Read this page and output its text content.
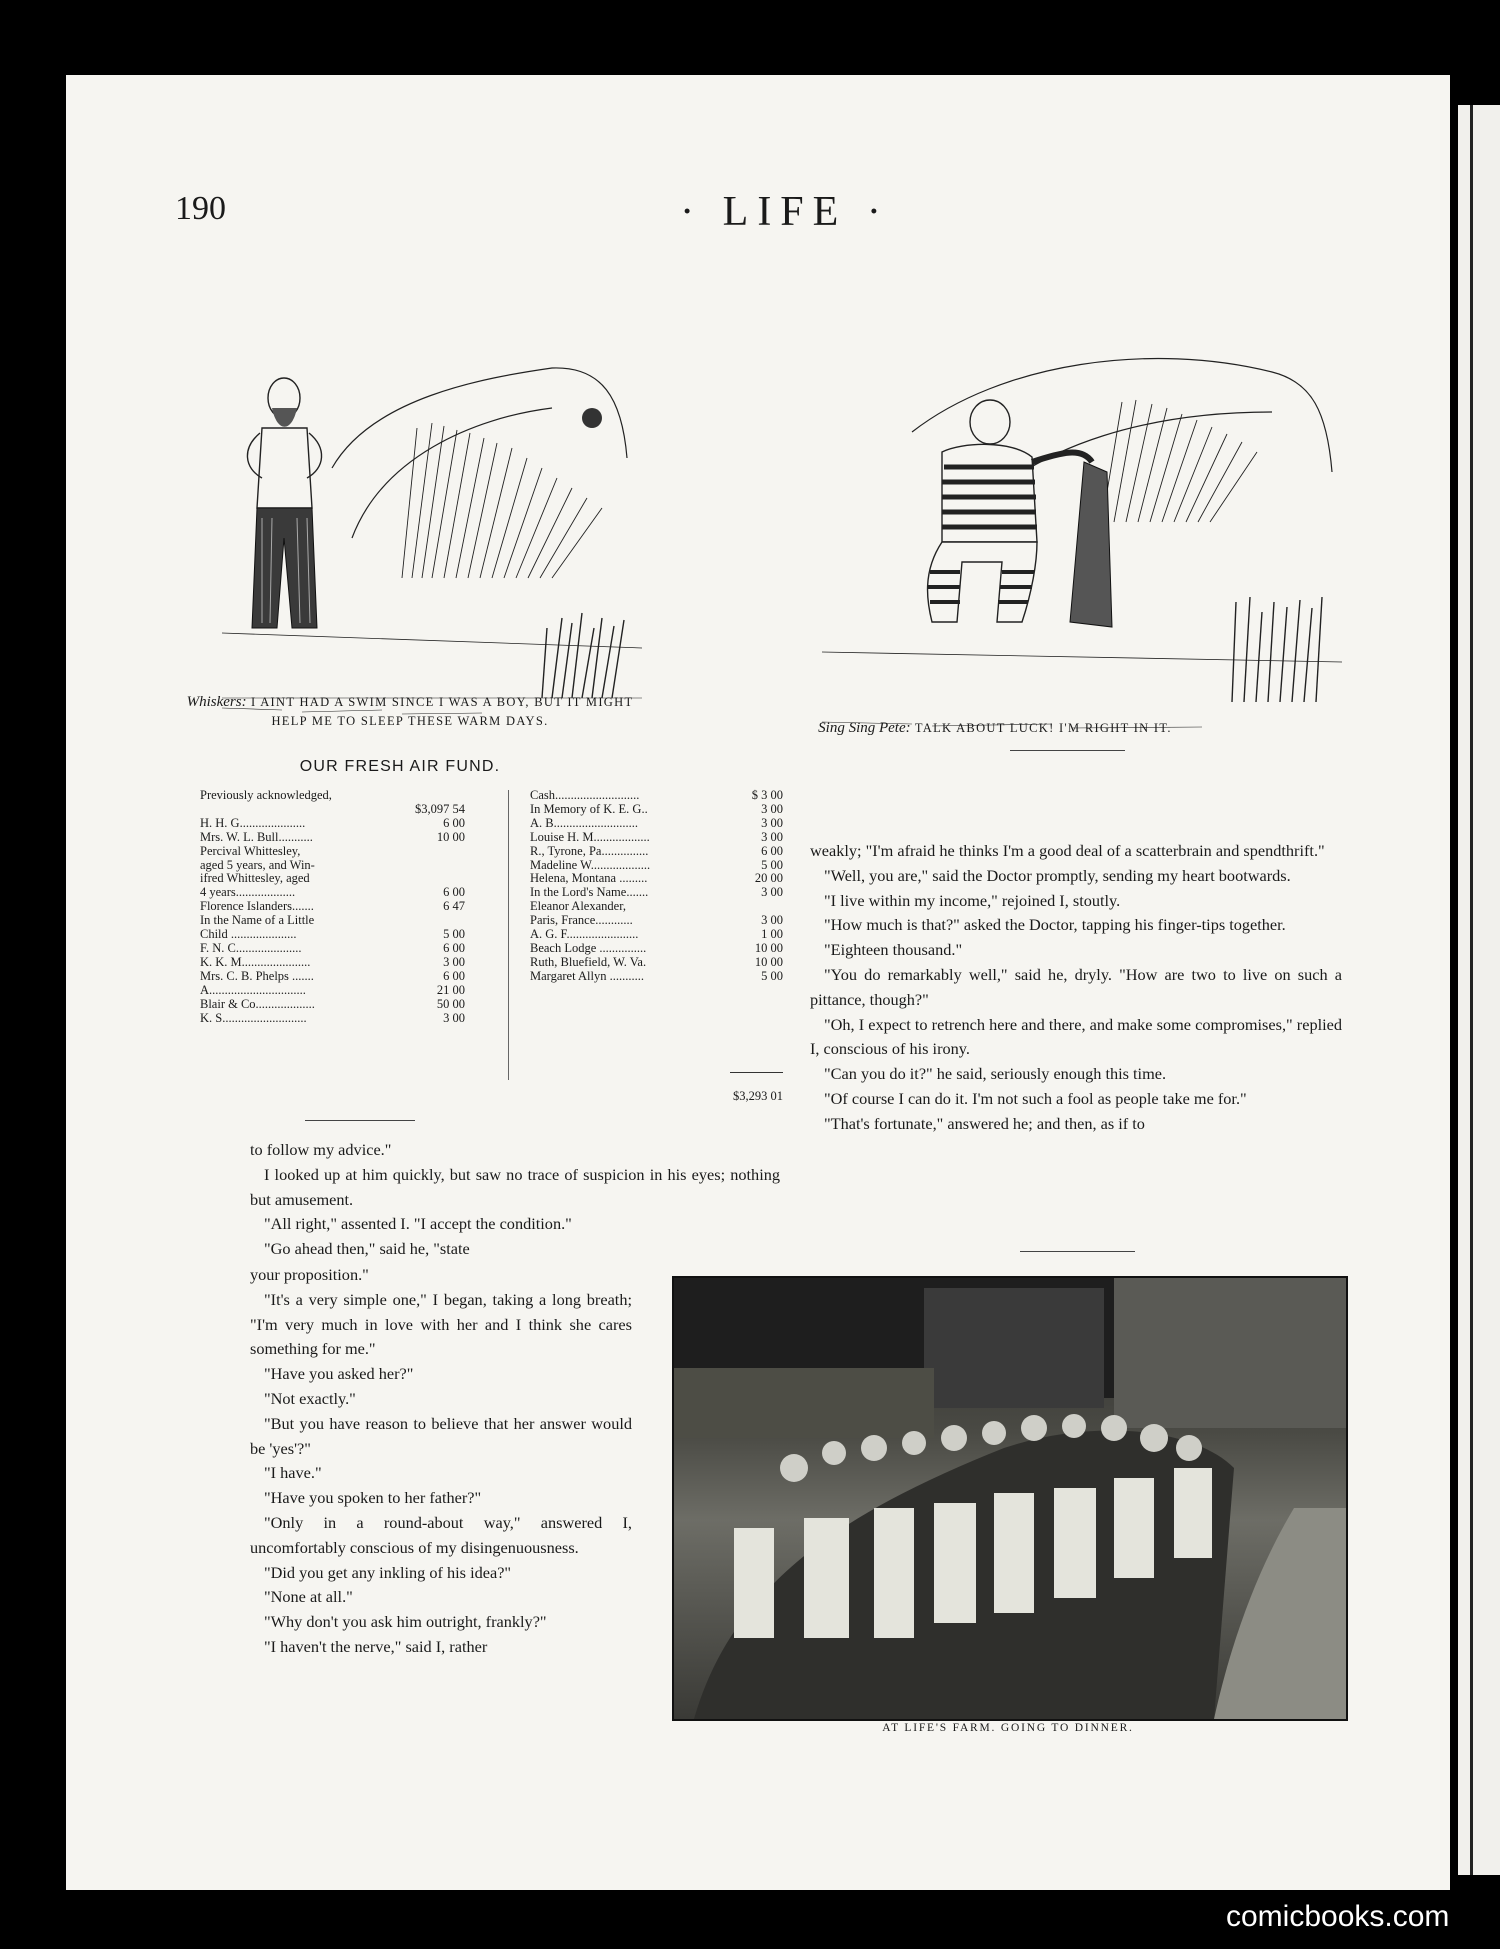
190	· LIFE ·
Whiskers: I AINT HAD A SWIM SINCE I WAS A BOY, BUT IT MIGHT
HELP ME TO SLEEP THESE WARM DAYS.	Sing Sing Pete: TALK ABOUT LUCK! I'M RIGHT IN IT.
OUR FRESH AIR FUND.
Previously acknowledged,
$3,097 54
H. H. G.....................	6 00
Mrs. W. L. Bull...........	10 00
Percival Whittesley,
aged 5 years, and Win-
ifred Whittesley, aged
4 years...................	6 00
Florence Islanders.......	6 47
In the Name of a Little
Child .....................	5 00
F. N. C.....................	6 00
K. K. M......................	3 00
Mrs. C. B. Phelps .......	6 00
A...............................	21 00
Blair & Co...................	50 00
K. S...........................	3 00
Cash...........................	$ 3 00
In Memory of K. E. G..	3 00
A. B...........................	3 00
Louise H. M..................	3 00
R., Tyrone, Pa...............	6 00
Madeline W...................	5 00
Helena, Montana .........	20 00
In the Lord's Name.......	3 00
Eleanor Alexander,
Paris, France............	3 00
A. G. F.......................	1 00
Beach Lodge ...............	10 00
Ruth, Bluefield, W. Va.	10 00
Margaret Allyn ...........	5 00
$3,293 01

to follow my advice."

I looked up at him quickly, but saw no trace of suspicion in his eyes; nothing but amusement.

"All right," assented I. "I accept the condition."

"Go ahead then," said he, "state

your proposition."

"It's a very simple one," I began, taking a long breath; "I'm very much in love with her and I think she cares something for me."

"Have you asked her?"

"Not exactly."

"But you have reason to believe that her answer would be 'yes'?"

"I have."

"Have you spoken to her father?"

"Only in a round-about way," answered I, uncomfortably conscious of my disingenuousness.

"Did you get any inkling of his idea?"

"None at all."

"Why don't you ask him outright, frankly?"

"I haven't the nerve," said I, rather

weakly; "I'm afraid he thinks I'm a good deal of a scatterbrain and spendthrift."

"Well, you are," said the Doctor promptly, sending my heart bootwards.

"I live within my income," rejoined I, stoutly.

"How much is that?" asked the Doctor, tapping his finger-tips together.

"Eighteen thousand."

"You do remarkably well," said he, dryly. "How are two to live on such a pittance, though?"

"Oh, I expect to retrench here and there, and make some compromises," replied I, conscious of his irony.

"Can you do it?" he said, seriously enough this time.

"Of course I can do it. I'm not such a fool as people take me for."

"That's fortunate," answered he; and then, as if to

AT LIFE'S FARM. GOING TO DINNER.
comicbooks.com
